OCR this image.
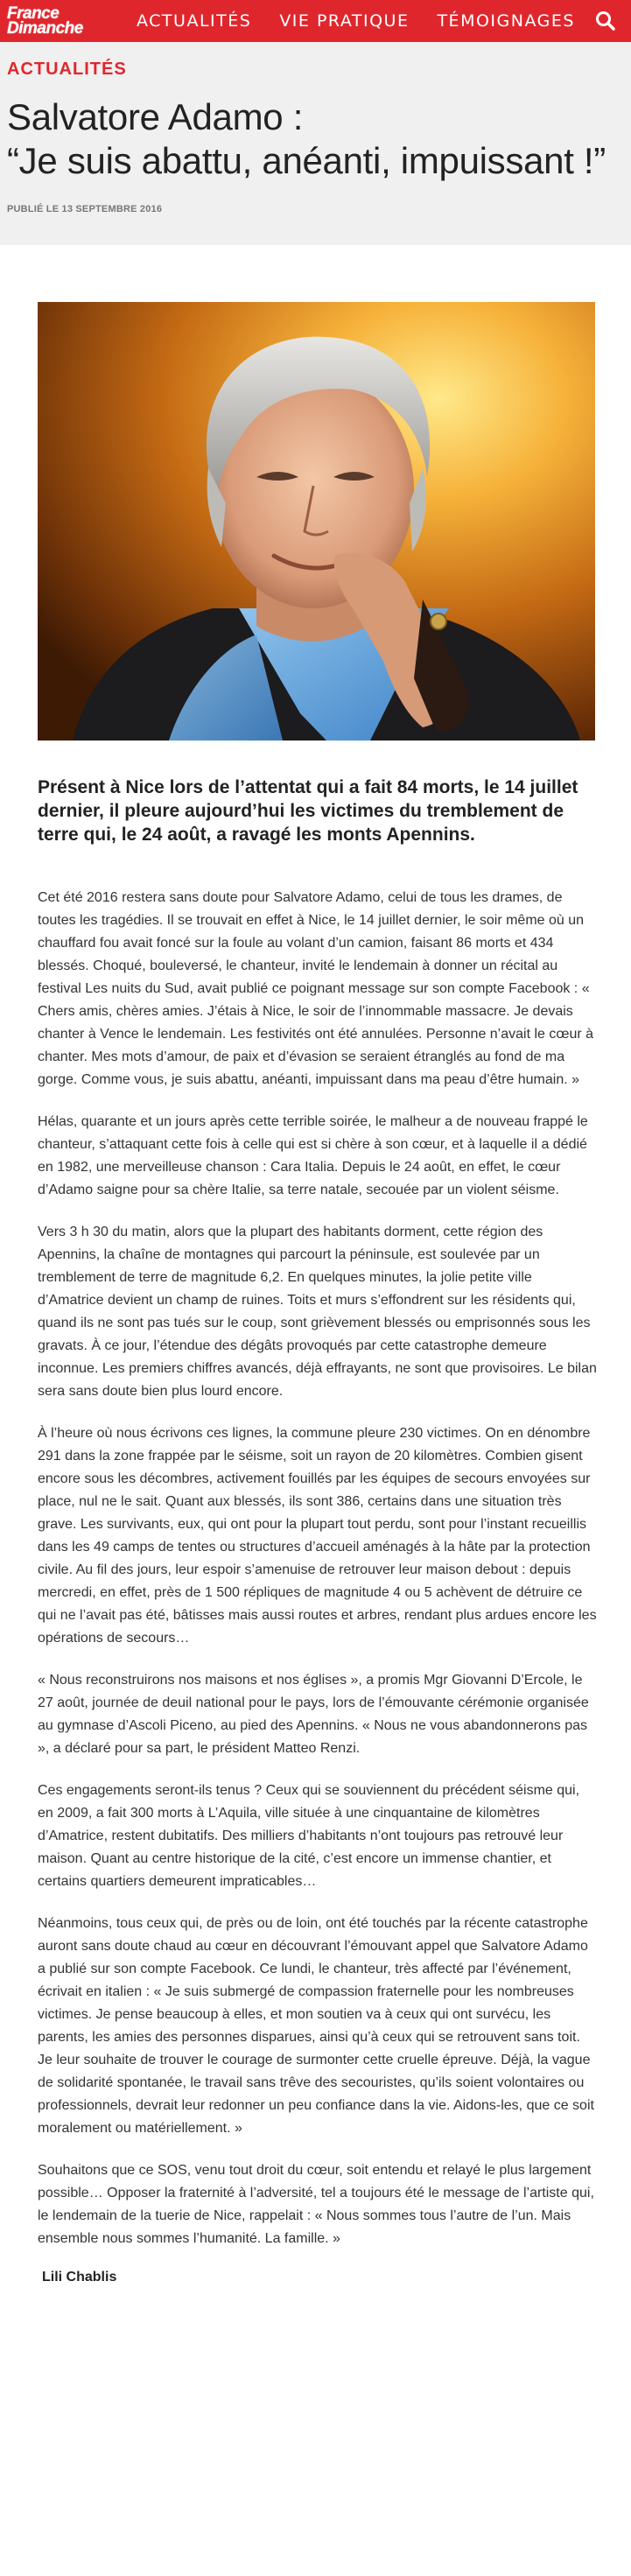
France
Dimanche	ACTUALITÉS VIE PRATIQUE TÉMOIGNAGES
ACTUALITÉS
Salvatore Adamo :
“Je suis abattu, anéanti, impuissant !”
PUBLIÉ LE 13 SEPTEMBRE 2016
Présent à Nice lors de l’attentat qui a fait 84 morts, le 14 juillet dernier, il pleure aujourd’hui les victimes du tremblement de terre qui, le 24 août, a ravagé les monts Apennins.

Cet été 2016 restera sans doute pour Salvatore Adamo, celui de tous les drames, de toutes les tragédies. Il se trouvait en effet à Nice, le 14 juillet dernier, le soir même où un chauffard fou avait foncé sur la foule au volant d’un camion, faisant 86 morts et 434 blessés. Choqué, bouleversé, le chanteur, invité le lendemain à donner un récital au festival Les nuits du Sud, avait publié ce poignant message sur son compte Facebook : « Chers amis, chères amies. J’étais à Nice, le soir de l’innommable massacre. Je devais chanter à Vence le lendemain. Les festivités ont été annulées. Personne n’avait le cœur à chanter. Mes mots d’amour, de paix et d’évasion se seraient étranglés au fond de ma gorge. Comme vous, je suis abattu, anéanti, impuissant dans ma peau d’être humain. »

Hélas, quarante et un jours après cette terrible soirée, le malheur a de nouveau frappé le chanteur, s’attaquant cette fois à celle qui est si chère à son cœur, et à laquelle il a dédié en 1982, une merveilleuse chanson : Cara Italia. Depuis le 24 août, en effet, le cœur d’Adamo saigne pour sa chère Italie, sa terre natale, secouée par un violent séisme.

Vers 3 h 30 du matin, alors que la plupart des habitants dorment, cette région des Apennins, la chaîne de montagnes qui parcourt la péninsule, est soulevée par un tremblement de terre de magnitude 6,2. En quelques minutes, la jolie petite ville d’Amatrice devient un champ de ruines. Toits et murs s’effondrent sur les résidents qui, quand ils ne sont pas tués sur le coup, sont grièvement blessés ou emprisonnés sous les gravats. À ce jour, l’étendue des dégâts provoqués par cette catastrophe demeure inconnue. Les premiers chiffres avancés, déjà effrayants, ne sont que provisoires. Le bilan sera sans doute bien plus lourd encore.

À l’heure où nous écrivons ces lignes, la commune pleure 230 victimes. On en dénombre 291 dans la zone frappée par le séisme, soit un rayon de 20 kilomètres. Combien gisent encore sous les décombres, activement fouillés par les équipes de secours envoyées sur place, nul ne le sait. Quant aux blessés, ils sont 386, certains dans une situation très grave. Les survivants, eux, qui ont pour la plupart tout perdu, sont pour l’instant recueillis dans les 49 camps de tentes ou structures d’accueil aménagés à la hâte par la protection civile. Au fil des jours, leur espoir s’amenuise de retrouver leur maison debout : depuis mercredi, en effet, près de 1 500 répliques de magnitude 4 ou 5 achèvent de détruire ce qui ne l’avait pas été, bâtisses mais aussi routes et arbres, rendant plus ardues encore les opérations de secours…

« Nous reconstruirons nos maisons et nos églises », a promis Mgr Giovanni D’Ercole, le 27 août, journée de deuil national pour le pays, lors de l’émouvante cérémonie organisée au gymnase d’Ascoli Piceno, au pied des Apennins. « Nous ne vous abandonnerons pas », a déclaré pour sa part, le président Matteo Renzi.

Ces engagements seront-ils tenus ? Ceux qui se souviennent du précédent séisme qui, en 2009, a fait 300 morts à L’Aquila, ville située à une cinquantaine de kilomètres d’Amatrice, restent dubitatifs. Des milliers d’habitants n’ont toujours pas retrouvé leur maison. Quant au centre historique de la cité, c’est encore un immense chantier, et certains quartiers demeurent impraticables…

Néanmoins, tous ceux qui, de près ou de loin, ont été touchés par la récente catastrophe auront sans doute chaud au cœur en découvrant l’émouvant appel que Salvatore Adamo a publié sur son compte Facebook. Ce lundi, le chanteur, très affecté par l’événement, écrivait en italien : « Je suis submergé de compassion fraternelle pour les nombreuses victimes. Je pense beaucoup à elles, et mon soutien va à ceux qui ont survécu, les parents, les amies des personnes disparues, ainsi qu’à ceux qui se retrouvent sans toit. Je leur souhaite de trouver le courage de surmonter cette cruelle épreuve. Déjà, la vague de solidarité spontanée, le travail sans trêve des secouristes, qu’ils soient volontaires ou professionnels, devrait leur redonner un peu confiance dans la vie. Aidons-les, que ce soit moralement ou matériellement. »

Souhaitons que ce SOS, venu tout droit du cœur, soit entendu et relayé le plus largement possible… Opposer la fraternité à l’adversité, tel a toujours été le message de l’artiste qui, le lendemain de la tuerie de Nice, rappelait : « Nous sommes tous l’autre de l’un. Mais ensemble nous sommes l’humanité. La famille. »

Lili Chablis
